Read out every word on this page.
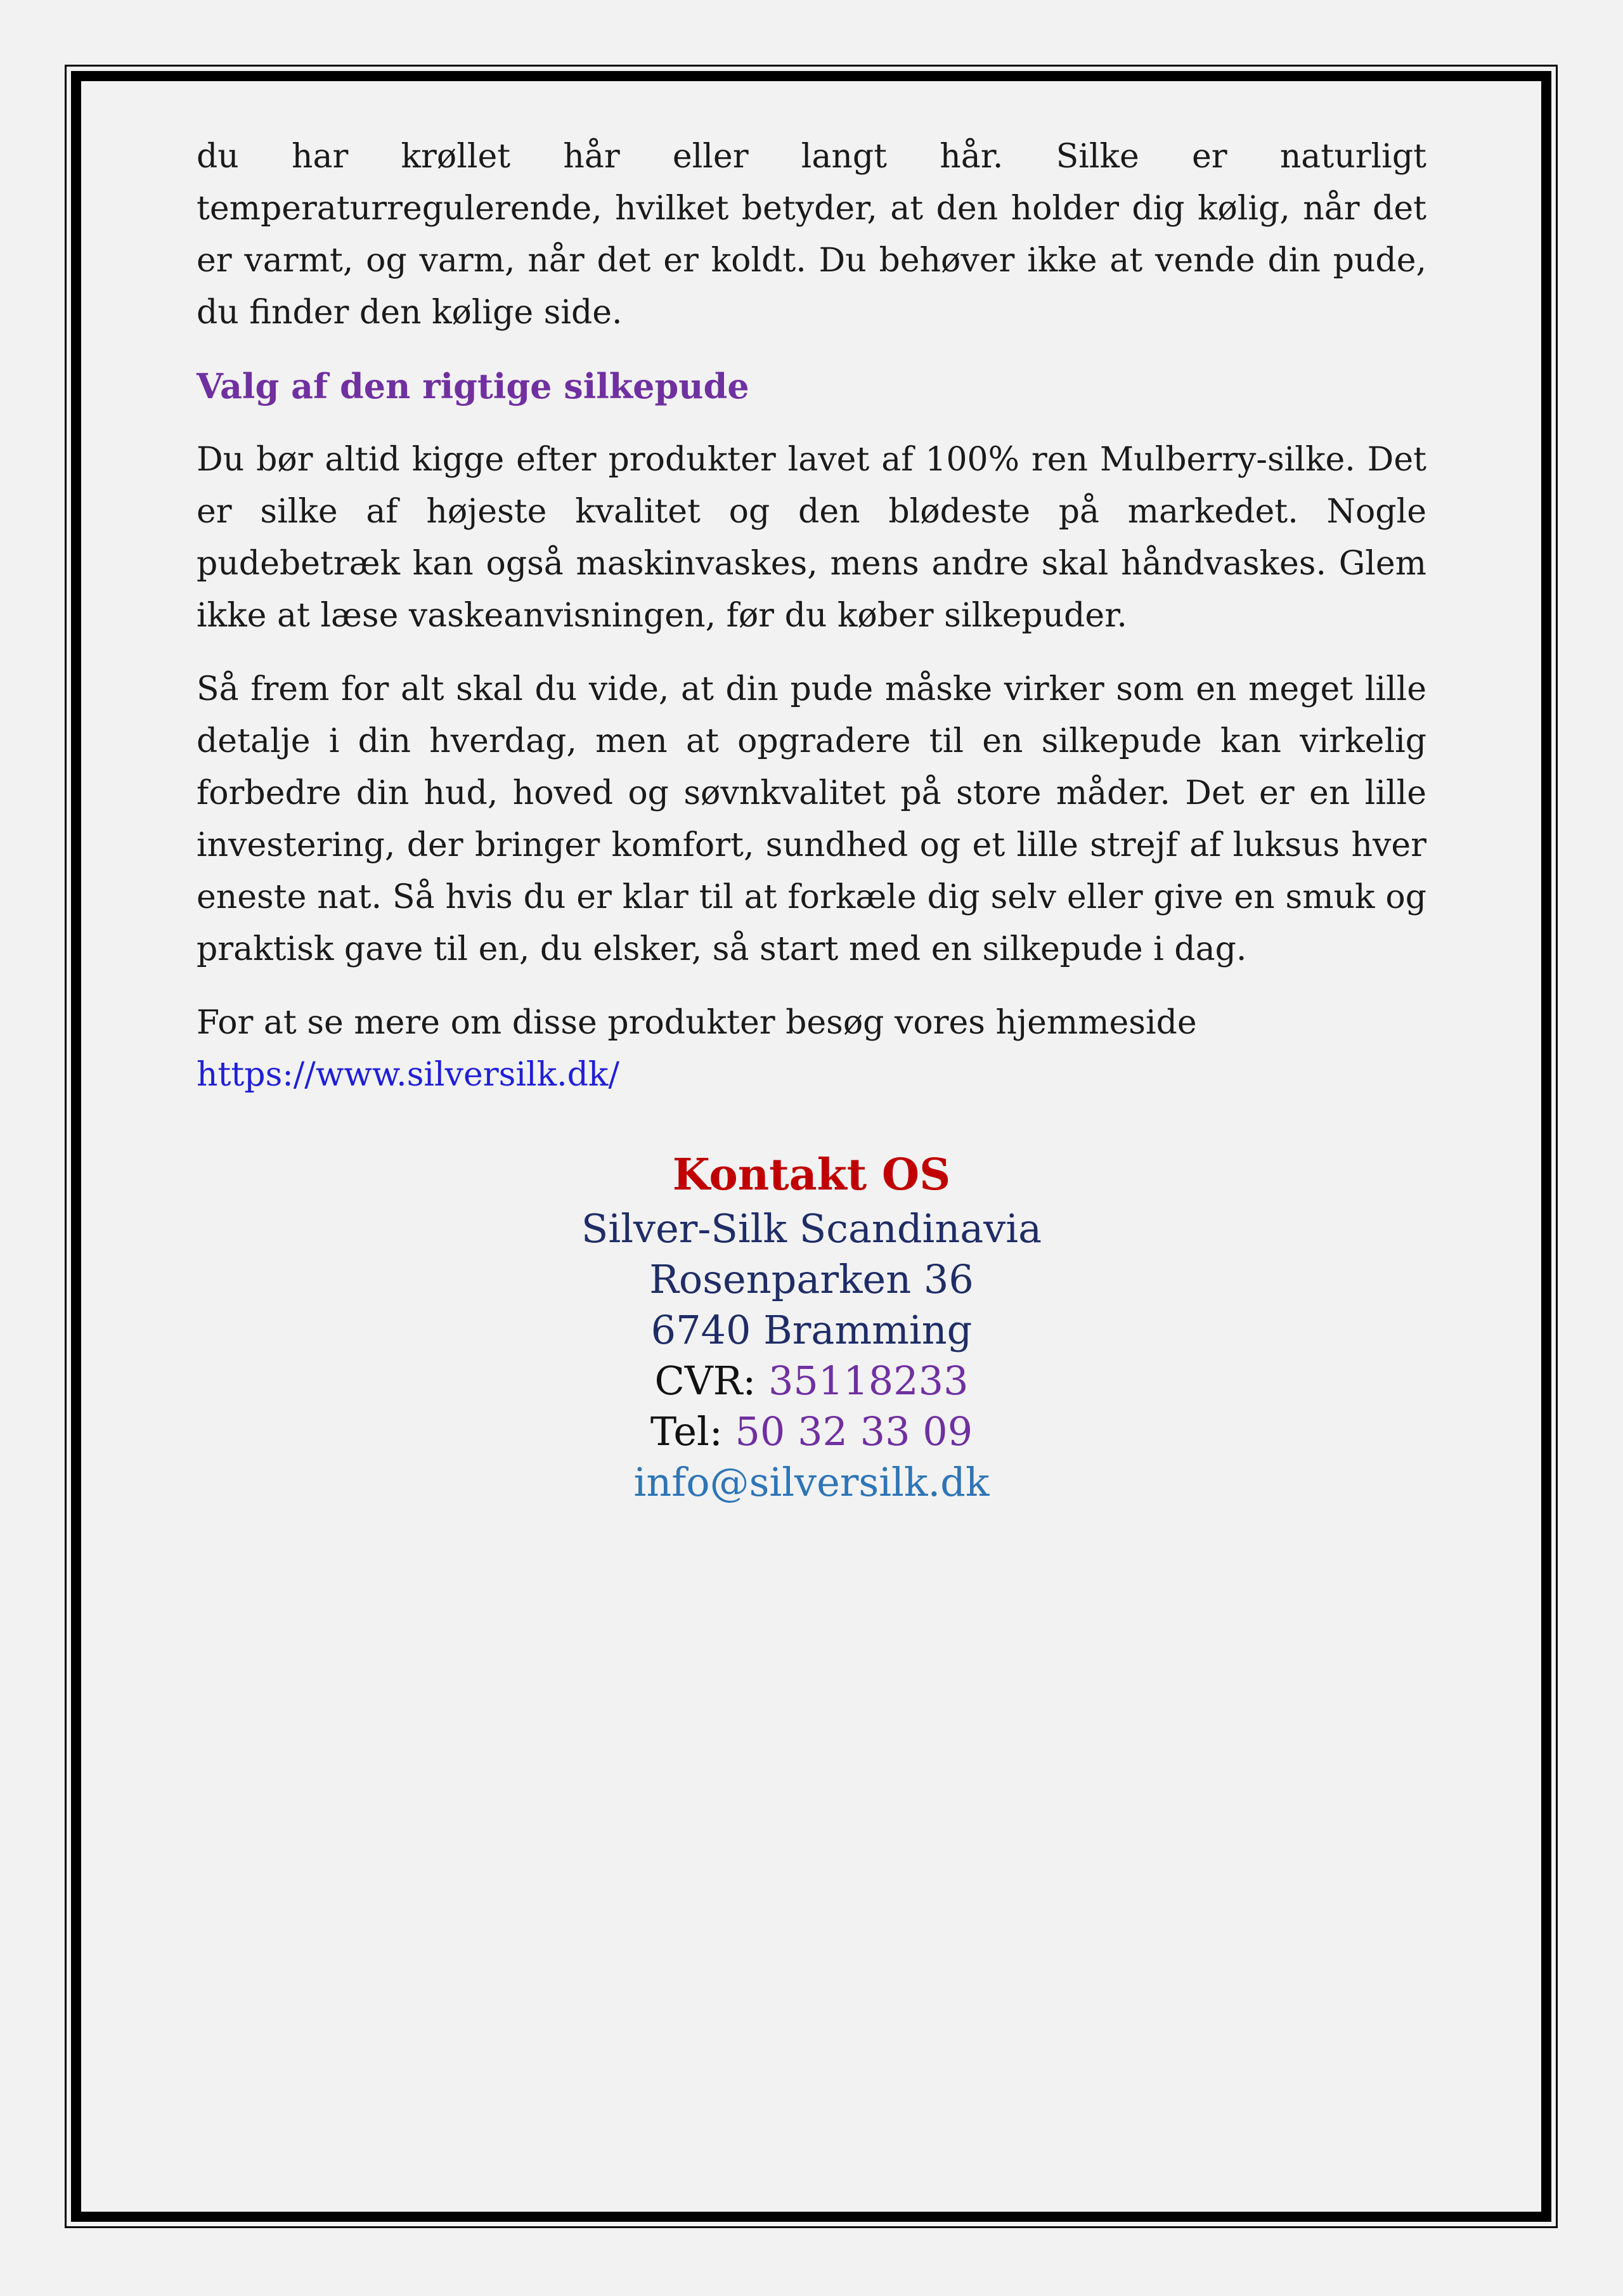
du har krøllet hår eller langt hår. Silke er naturligt temperaturregulerende, hvilket betyder, at den holder dig kølig, når det er varmt, og varm, når det er koldt. Du behøver ikke at vende din pude, du finder den kølige side.

Valg af den rigtige silkepude

Du bør altid kigge efter produkter lavet af 100% ren Mulberry-silke. Det er silke af højeste kvalitet og den blødeste på markedet. Nogle pudebetræk kan også maskinvaskes, mens andre skal håndvaskes. Glem ikke at læse vaskeanvisningen, før du køber silkepuder.

Så frem for alt skal du vide, at din pude måske virker som en meget lille detalje i din hverdag, men at opgradere til en silkepude kan virkelig forbedre din hud, hoved og søvnkvalitet på store måder. Det er en lille investering, der bringer komfort, sundhed og et lille strejf af luksus hver eneste nat. Så hvis du er klar til at forkæle dig selv eller give en smuk og praktisk gave til en, du elsker, så start med en silkepude i dag.

For at se mere om disse produkter besøg vores hjemmeside
https://www.silversilk.dk/

Kontakt OS
Silver-Silk Scandinavia
Rosenparken 36
6740 Bramming
CVR: 35118233
Tel: 50 32 33 09
info@silversilk.dk
